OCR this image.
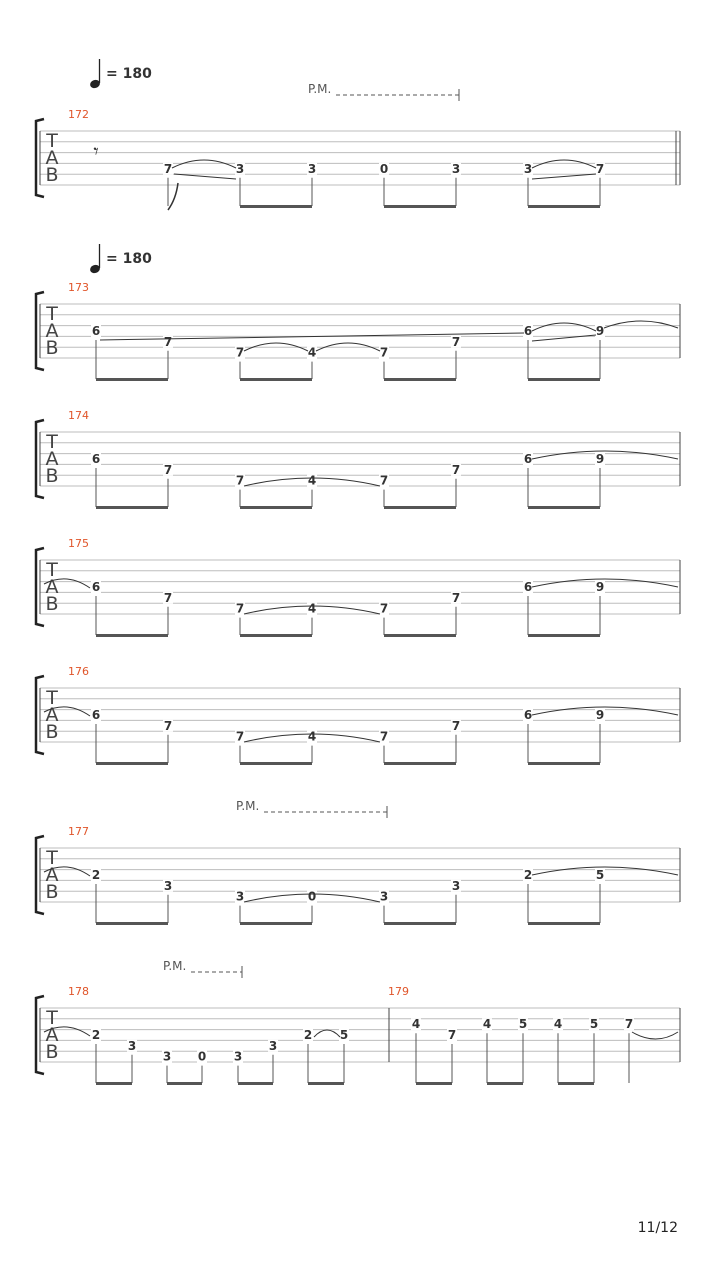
T
A
B
172
7	3	3	0	3	3	7
T
A
B
173
6
7
7	4	7
7
6	9
T
A
B
174
6
7
7	4	7
7
6	9
T
A
B
175
6
7
7	4	7
7
6	9
T
A
B
176
6
7
7	4	7
7
6	9
T
A
B
177
2
3
3	0	3
3
2	5
T
A
B
178
2
3
3 0 3
3
2 5
179
4
7
4 5 4 5 7
𝄾
= 180
= 180
P.M.
P.M.
P.M.
11/12
